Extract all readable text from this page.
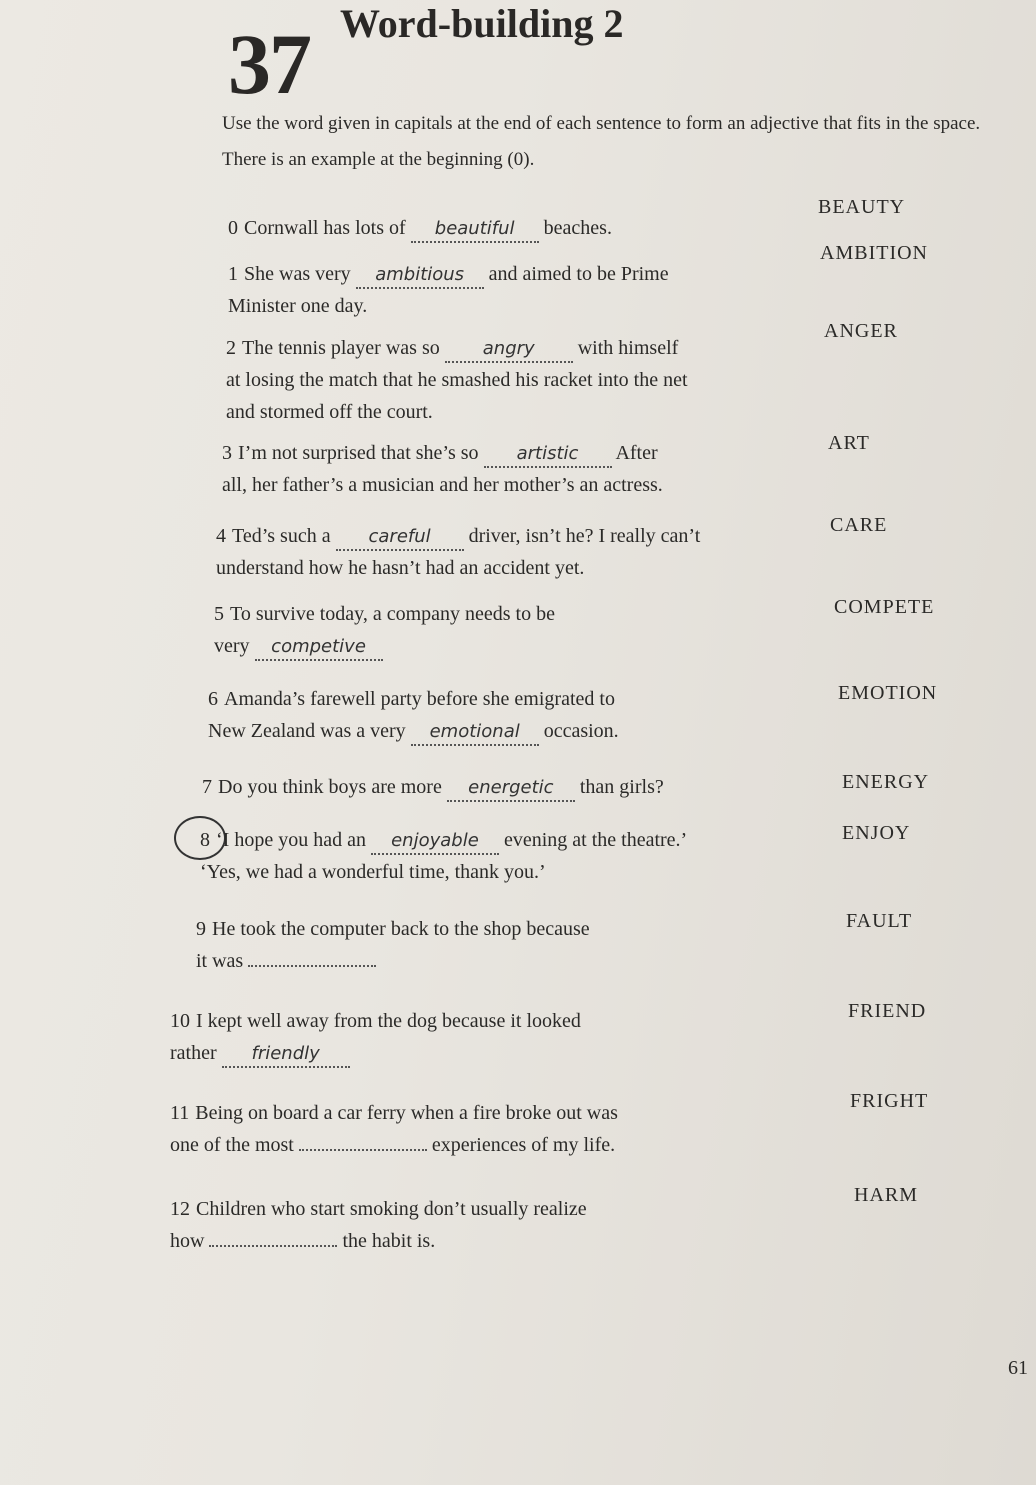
37 Word-building 2
Use the word given in capitals at the end of each sentence to form an adjective that fits in the space. There is an example at the beginning (0).
0 Cornwall has lots of beautiful beaches.
BEAUTY
1 She was very ambitious and aimed to be Prime
Minister one day.
AMBITION
2 The tennis player was so angry with himself
at losing the match that he smashed his racket into the net and stormed off the court.
ANGER
3 I’m not surprised that she’s so artistic After
all, her father’s a musician and her mother’s an actress.
ART
4 Ted’s such a careful driver, isn’t he? I really can’t
understand how he hasn’t had an accident yet.
CARE
5 To survive today, a company needs to be
very competive
COMPETE
6 Amanda’s farewell party before she emigrated to
New Zealand was a very emotional occasion.
EMOTION
7 Do you think boys are more energetic than girls?	ENERGY
8 ‘I hope you had an enjoyable evening at the theatre.’
‘Yes, we had a wonderful time, thank you.’
ENJOY
9 He took the computer back to the shop because
it was
FAULT
10 I kept well away from the dog because it looked
rather friendly
FRIEND
11 Being on board a car ferry when a fire broke out was
one of the most	experiences of my life.
FRIGHT
12 Children who start smoking don’t usually realize
how	the habit is.
HARM
61
